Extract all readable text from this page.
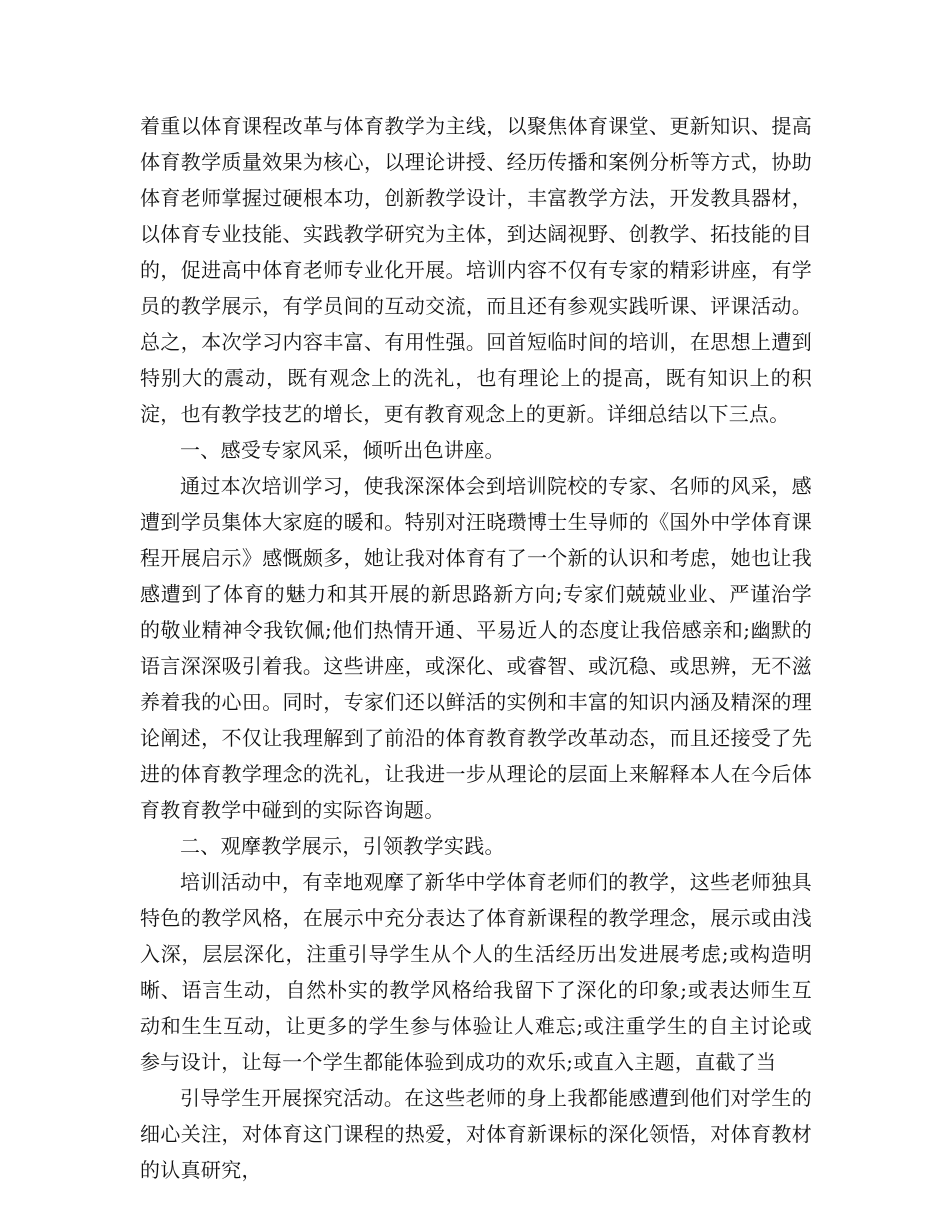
着重以体育课程改革与体育教学为主线，以聚焦体育课堂、更新知识、提高体育教学质量效果为核心，以理论讲授、经历传播和案例分析等方式，协助体育老师掌握过硬根本功，创新教学设计，丰富教学方法，开发教具器材，以体育专业技能、实践教学研究为主体，到达阔视野、创教学、拓技能的目的，促进高中体育老师专业化开展。培训内容不仅有专家的精彩讲座，有学员的教学展示，有学员间的互动交流，而且还有参观实践听课、评课活动。总之，本次学习内容丰富、有用性强。回首短临时间的培训，在思想上遭到特别大的震动，既有观念上的洗礼，也有理论上的提高，既有知识上的积淀，也有教学技艺的增长，更有教育观念上的更新。详细总结以下三点。

一、感受专家风采，倾听出色讲座。

通过本次培训学习，使我深深体会到培训院校的专家、名师的风采，感遭到学员集体大家庭的暖和。特别对汪晓瓒博士生导师的《国外中学体育课程开展启示》感慨颇多，她让我对体育有了一个新的认识和考虑，她也让我感遭到了体育的魅力和其开展的新思路新方向;专家们兢兢业业、严谨治学的敬业精神令我钦佩;他们热情开通、平易近人的态度让我倍感亲和;幽默的语言深深吸引着我。这些讲座，或深化、或睿智、或沉稳、或思辨，无不滋养着我的心田。同时，专家们还以鲜活的实例和丰富的知识内涵及精深的理论阐述，不仅让我理解到了前沿的体育教育教学改革动态，而且还接受了先进的体育教学理念的洗礼，让我进一步从理论的层面上来解释本人在今后体育教育教学中碰到的实际咨询题。

二、观摩教学展示，引领教学实践。

培训活动中，有幸地观摩了新华中学体育老师们的教学，这些老师独具特色的教学风格，在展示中充分表达了体育新课程的教学理念，展示或由浅入深，层层深化，注重引导学生从个人的生活经历出发进展考虑;或构造明晰、语言生动，自然朴实的教学风格给我留下了深化的印象;或表达师生互动和生生互动，让更多的学生参与体验让人难忘;或注重学生的自主讨论或参与设计，让每一个学生都能体验到成功的欢乐;或直入主题，直截了当

引导学生开展探究活动。在这些老师的身上我都能感遭到他们对学生的细心关注，对体育这门课程的热爱，对体育新课标的深化领悟，对体育教材的认真研究，
